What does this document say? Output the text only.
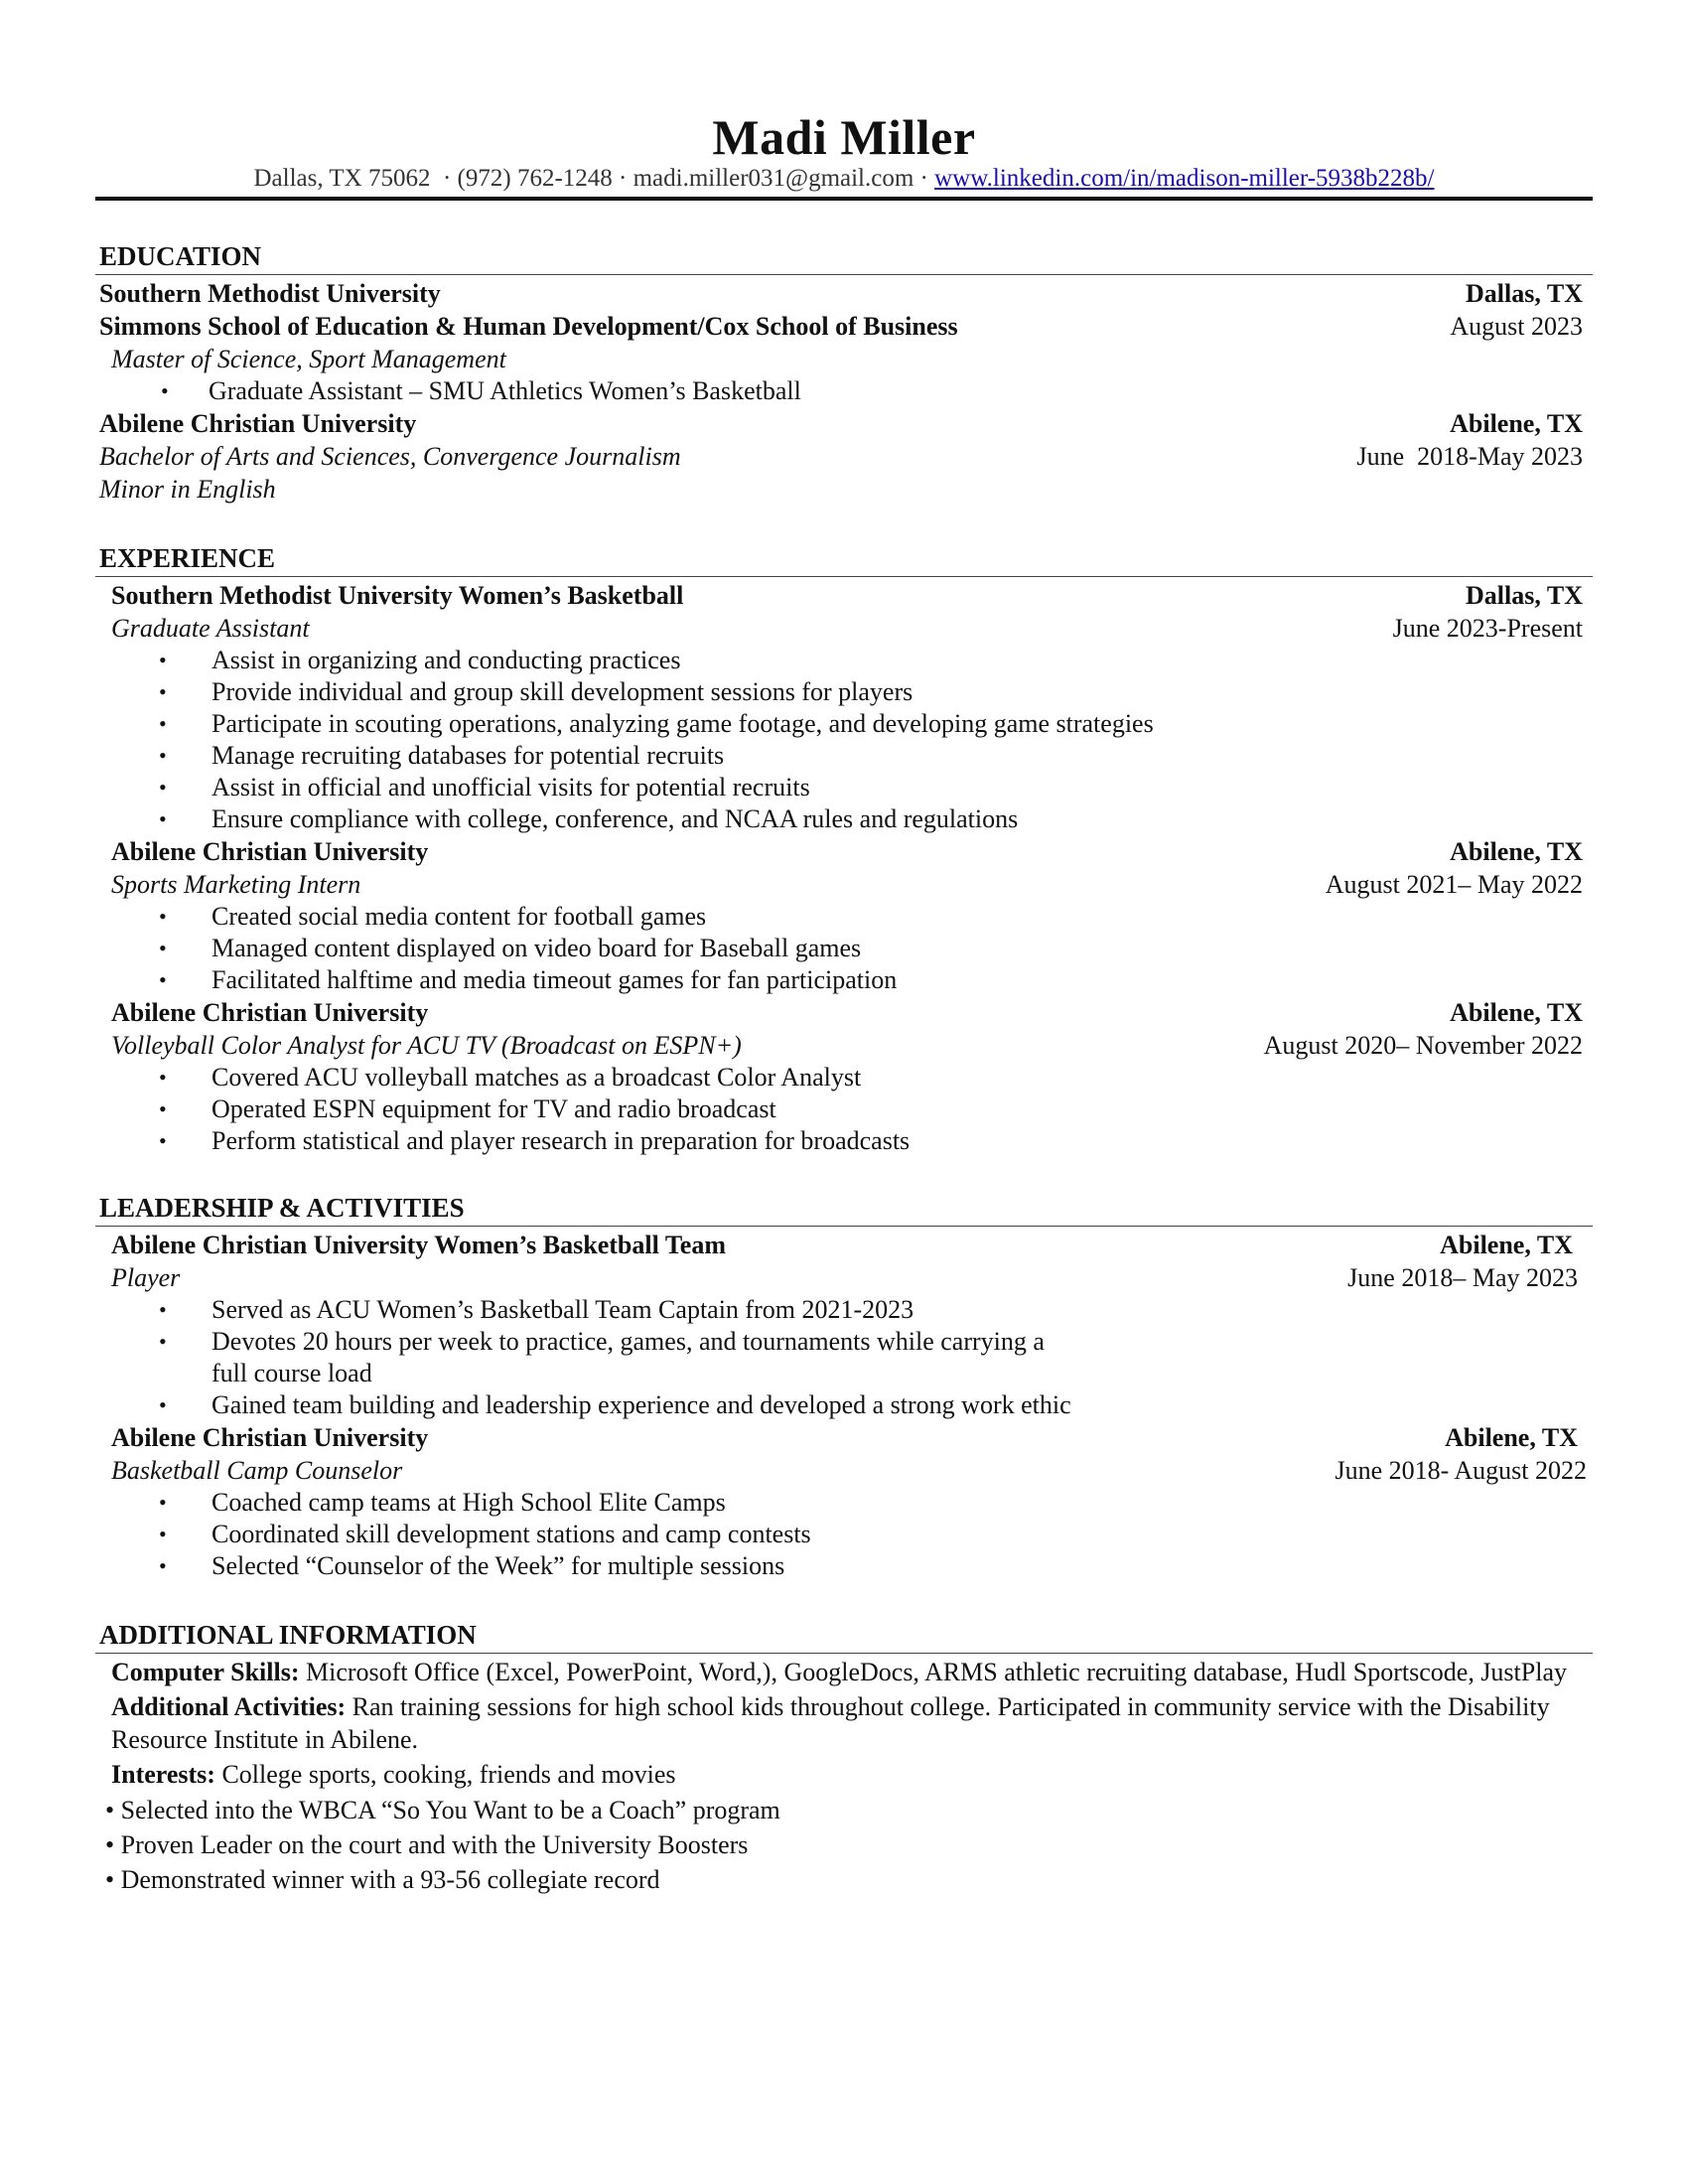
Madi Miller
Dallas, TX 75062  · (972) 762-1248 · madi.miller031@gmail.com · www.linkedin.com/in/madison-miller-5938b228b/
EDUCATION
Southern Methodist University	Dallas, TX
Simmons School of Education & Human Development/Cox School of Business	August 2023
Master of Science, Sport Management
• Graduate Assistant – SMU Athletics Women’s Basketball
Abilene Christian University	Abilene, TX
Bachelor of Arts and Sciences, Convergence Journalism	June  2018-May 2023
Minor in English
EXPERIENCE
Southern Methodist University Women’s Basketball	Dallas, TX
Graduate Assistant	June 2023-Present
• Assist in organizing and conducting practices
• Provide individual and group skill development sessions for players
• Participate in scouting operations, analyzing game footage, and developing game strategies
• Manage recruiting databases for potential recruits
• Assist in official and unofficial visits for potential recruits
• Ensure compliance with college, conference, and NCAA rules and regulations
Abilene Christian University	Abilene, TX
Sports Marketing Intern	August 2021– May 2022
• Created social media content for football games
• Managed content displayed on video board for Baseball games
• Facilitated halftime and media timeout games for fan participation
Abilene Christian University	Abilene, TX
Volleyball Color Analyst for ACU TV (Broadcast on ESPN+)	August 2020– November 2022
• Covered ACU volleyball matches as a broadcast Color Analyst
• Operated ESPN equipment for TV and radio broadcast
• Perform statistical and player research in preparation for broadcasts
LEADERSHIP & ACTIVITIES
Abilene Christian University Women’s Basketball Team	Abilene, TX
Player	June 2018– May 2023
• Served as ACU Women’s Basketball Team Captain from 2021-2023
• Devotes 20 hours per week to practice, games, and tournaments while carrying a full course load
• Gained team building and leadership experience and developed a strong work ethic
Abilene Christian University	Abilene, TX
Basketball Camp Counselor	June 2018- August 2022
• Coached camp teams at High School Elite Camps
• Coordinated skill development stations and camp contests
• Selected “Counselor of the Week” for multiple sessions
ADDITIONAL INFORMATION
Computer Skills: Microsoft Office (Excel, PowerPoint, Word,), GoogleDocs, ARMS athletic recruiting database, Hudl Sportscode, JustPlay
Additional Activities: Ran training sessions for high school kids throughout college. Participated in community service with the Disability Resource Institute in Abilene.
Interests: College sports, cooking, friends and movies
• Selected into the WBCA “So You Want to be a Coach” program
• Proven Leader on the court and with the University Boosters
• Demonstrated winner with a 93-56 collegiate record
